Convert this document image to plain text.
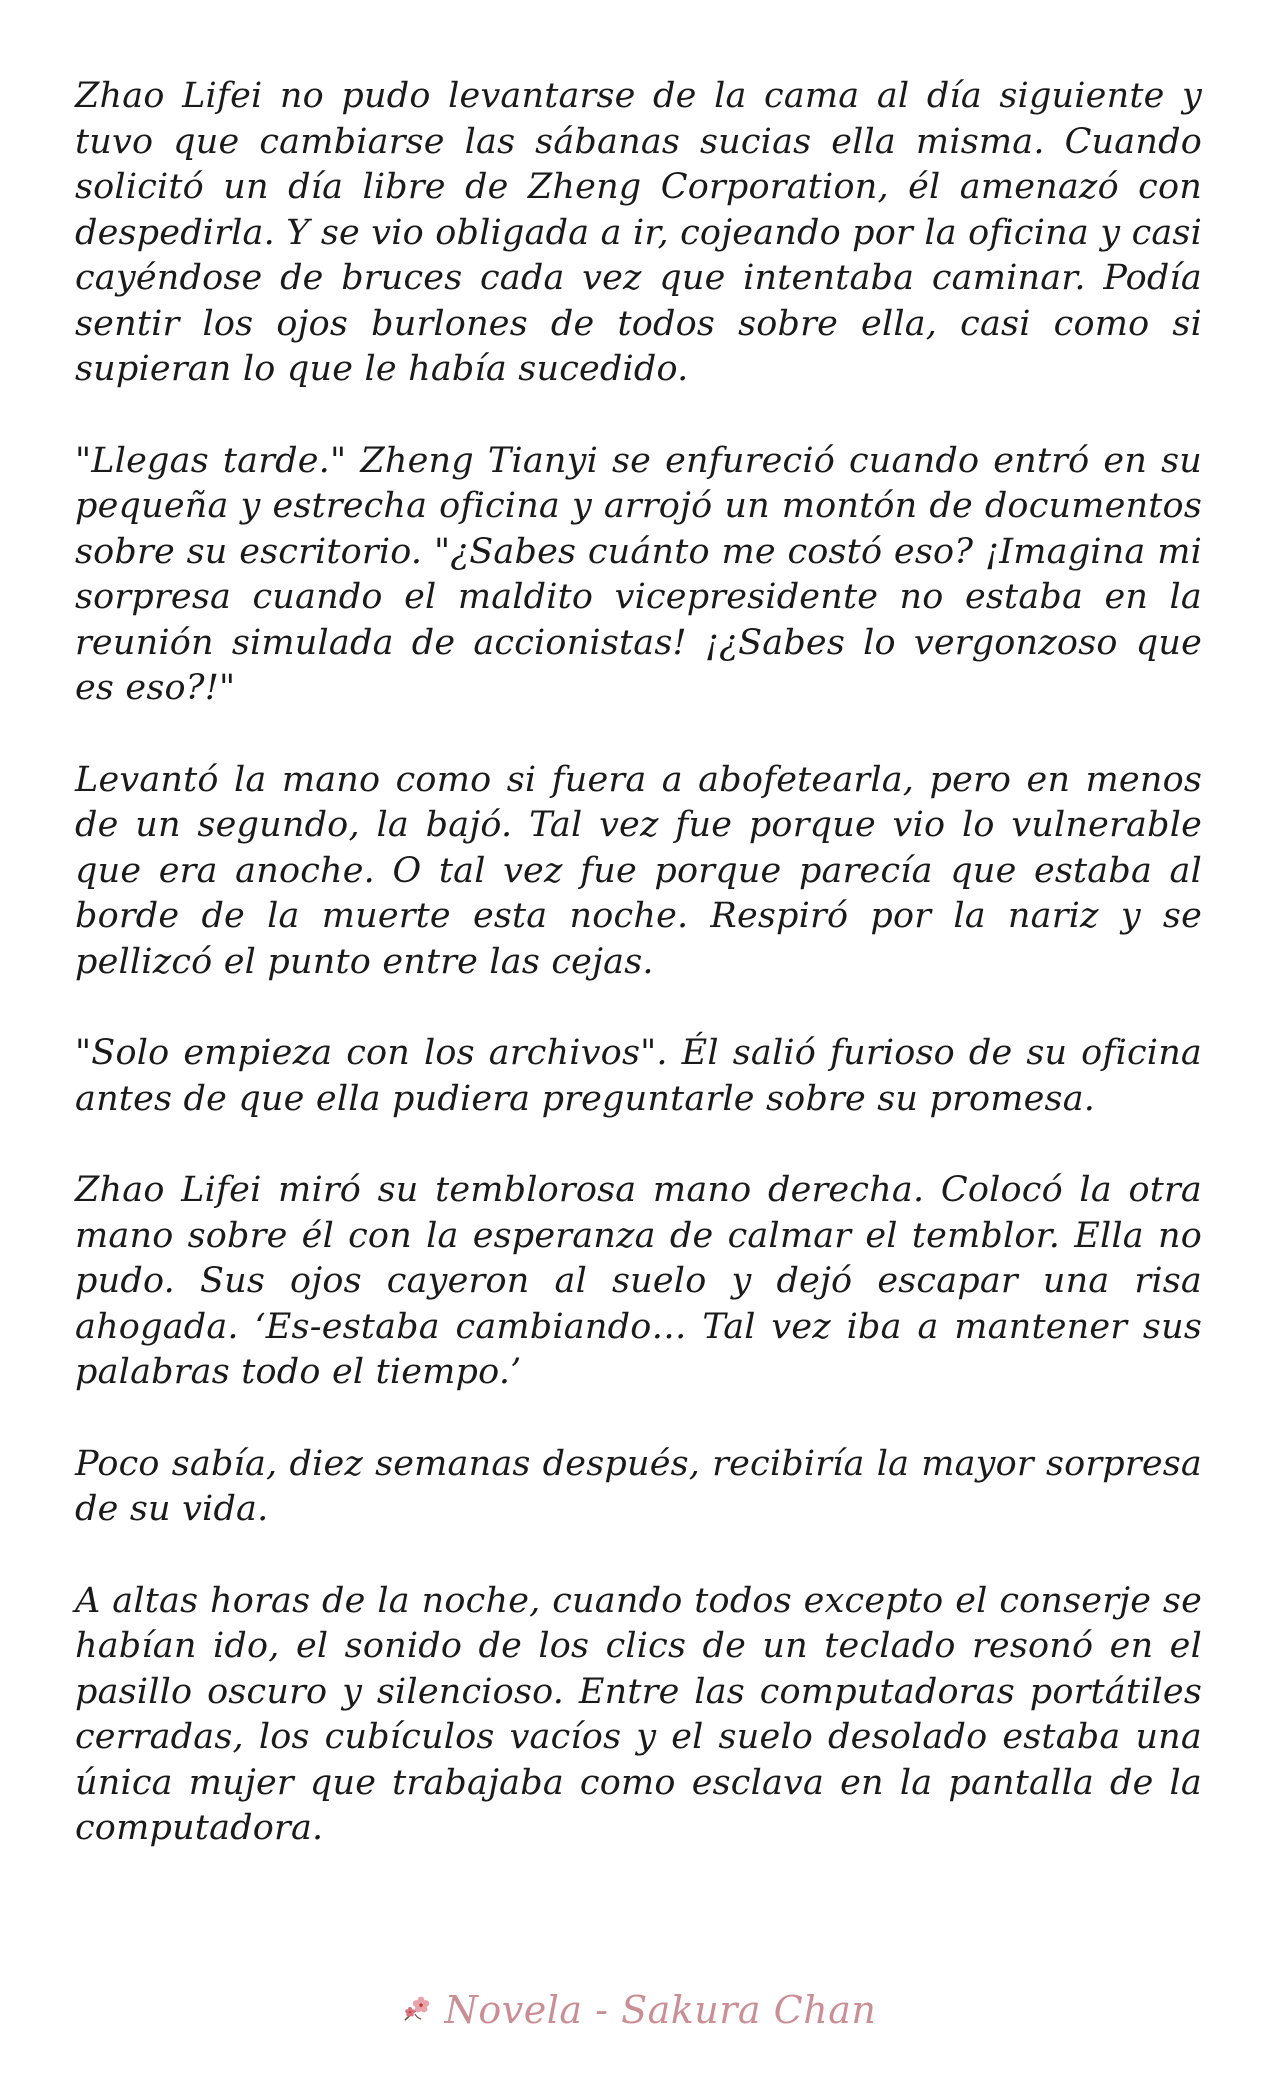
Zhao Lifei no pudo levantarse de la cama al día siguiente y tuvo que cambiarse las sábanas sucias ella misma. Cuando solicitó un día libre de Zheng Corporation, él amenazó con despedirla. Y se vio obligada a ir, cojeando por la oficina y casi cayéndose de bruces cada vez que intentaba caminar. Podía sentir los ojos burlones de todos sobre ella, casi como si supieran lo que le había sucedido.

"Llegas tarde." Zheng Tianyi se enfureció cuando entró en su pequeña y estrecha oficina y arrojó un montón de documentos sobre su escritorio. "¿Sabes cuánto me costó eso? ¡Imagina mi sorpresa cuando el maldito vicepresidente no estaba en la reunión simulada de accionistas! ¡¿Sabes lo vergonzoso que es eso?!"

Levantó la mano como si fuera a abofetearla, pero en menos de un segundo, la bajó. Tal vez fue porque vio lo vulnerable que era anoche. O tal vez fue porque parecía que estaba al borde de la muerte esta noche. Respiró por la nariz y se pellizcó el punto entre las cejas.

"Solo empieza con los archivos". Él salió furioso de su oficina antes de que ella pudiera preguntarle sobre su promesa.

Zhao Lifei miró su temblorosa mano derecha. Colocó la otra mano sobre él con la esperanza de calmar el temblor. Ella no pudo. Sus ojos cayeron al suelo y dejó escapar una risa ahogada. ‘Es-estaba cambiando… Tal vez iba a mantener sus palabras todo el tiempo.’

Poco sabía, diez semanas después, recibiría la mayor sorpresa de su vida.

A altas horas de la noche, cuando todos excepto el conserje se habían ido, el sonido de los clics de un teclado resonó en el pasillo oscuro y silencioso. Entre las computadoras portátiles cerradas, los cubículos vacíos y el suelo desolado estaba una única mujer que trabajaba como esclava en la pantalla de la computadora.

Novela - Sakura Chan
